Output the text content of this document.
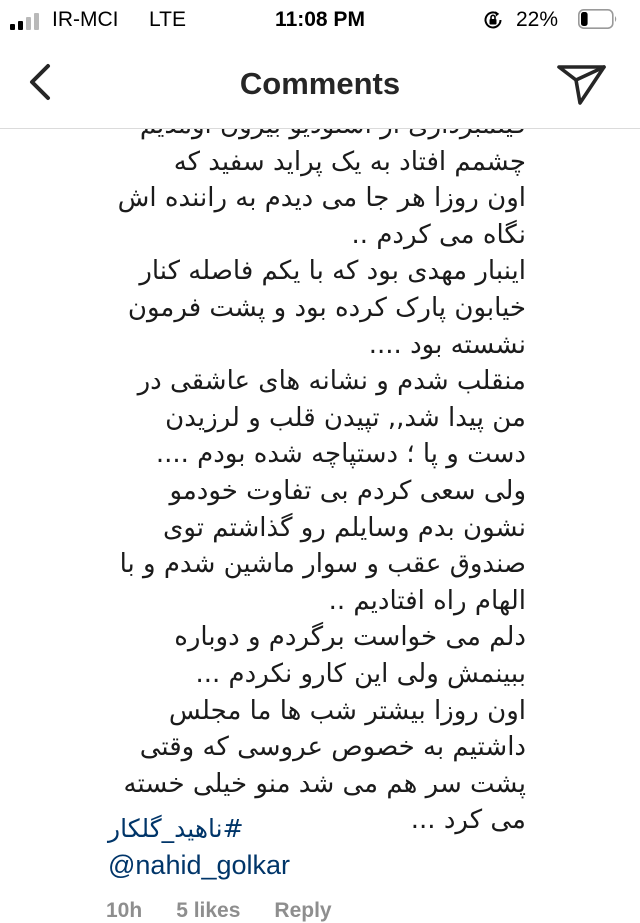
IR-MCI LTE	11:08 PM	22%
Comments
چشمم افتاد به یک پراید سفید که
اون روزا هر جا می دیدم به راننده اش
نگاه می کردم ..
اینبار مهدی بود که با یکم فاصله کنار
خیابون پارک کرده بود و پشت فرمون
نشسته بود ....
منقلب شدم و نشانه های عاشقی در
من پیدا شد,, تپیدن قلب و لرزیدن
دست و پا ؛ دستپاچه شده بودم ....
ولی سعی کردم بی تفاوت خودمو
نشون بدم وسایلم رو گذاشتم توی
صندوق عقب و سوار ماشین شدم و با
الهام راه افتادیم ..
دلم می خواست برگردم و دوباره
ببینمش ولی این کارو نکردم ...
اون روزا بیشتر شب ها ما مجلس
داشتیم به خصوص عروسی که وقتی
پشت سر هم می شد منو خیلی خسته
می کرد ...
#ناهید_گلکار
@nahid_golkar
10h 5 likes Reply
